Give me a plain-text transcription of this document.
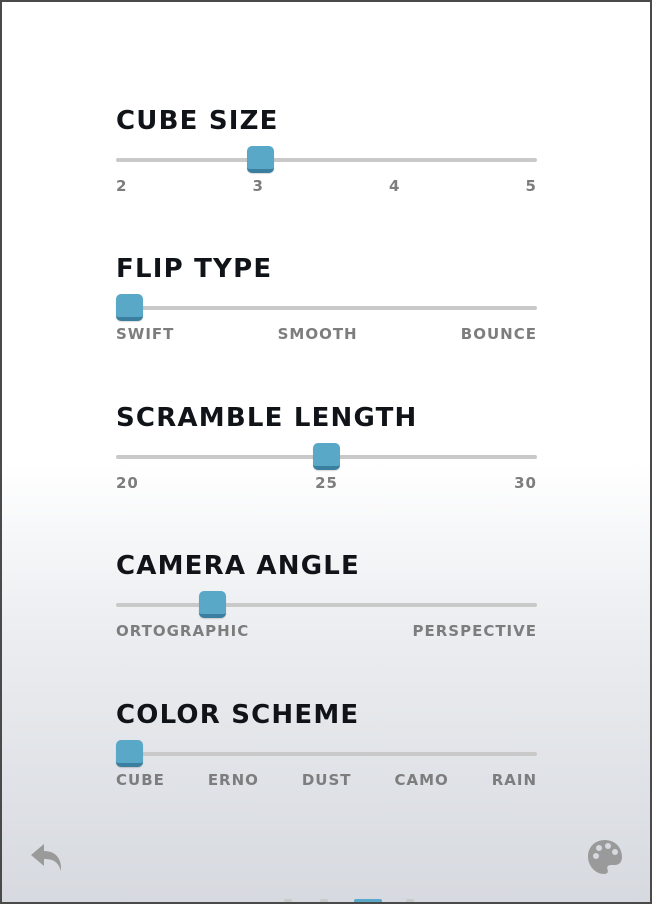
CUBE SIZE
2	3	4	5
FLIP TYPE
SWIFT	SMOOTH	BOUNCE
SCRAMBLE LENGTH
20	25	30
CAMERA ANGLE
ORTOGRAPHIC	PERSPECTIVE
COLOR SCHEME
CUBE	ERNO	DUST	CAMO	RAIN
